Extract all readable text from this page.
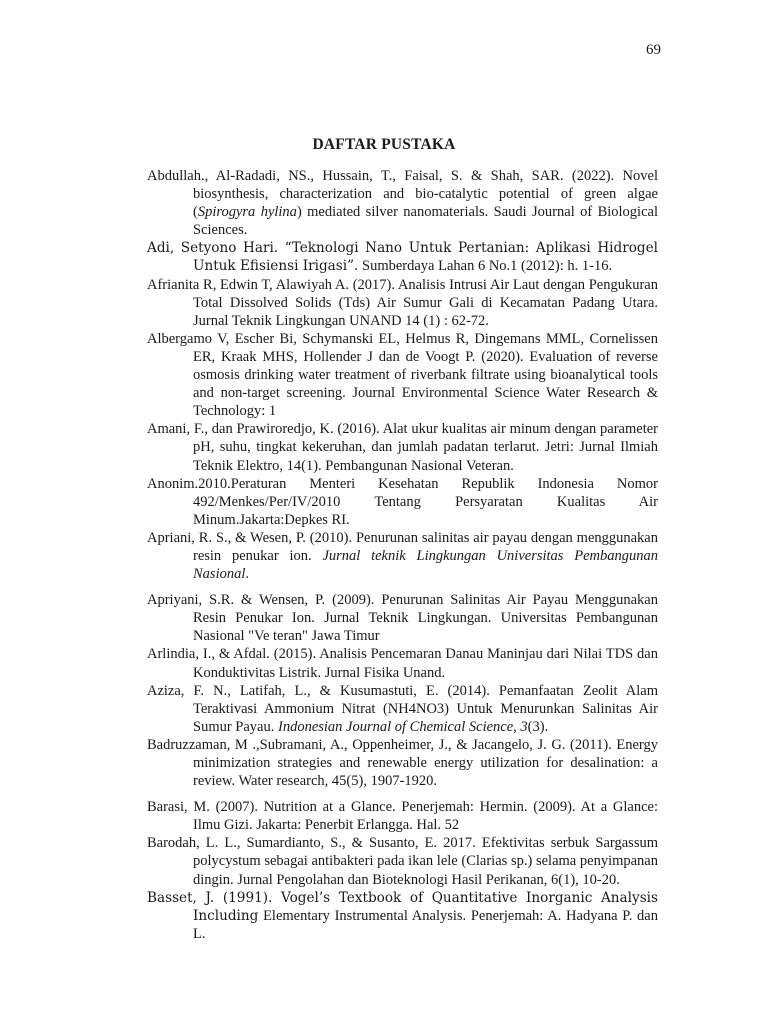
69
DAFTAR PUSTAKA
Abdullah., Al-Radadi, NS., Hussain, T., Faisal, S. & Shah, SAR. (2022). Novel biosynthesis, characterization and bio-catalytic potential of green algae (Spirogyra hylina) mediated silver nanomaterials. Saudi Journal of Biological Sciences.
Adi, Setyono Hari. “Teknologi Nano Untuk Pertanian: Aplikasi Hidrogel Untuk Efisiensi Irigasi”. Sumberdaya Lahan 6 No.1 (2012): h. 1-16.
Afrianita R, Edwin T, Alawiyah A. (2017). Analisis Intrusi Air Laut dengan Pengukuran Total Dissolved Solids (Tds) Air Sumur Gali di Kecamatan Padang Utara. Jurnal Teknik Lingkungan UNAND 14 (1) : 62-72.
Albergamo V, Escher Bi, Schymanski EL, Helmus R, Dingemans MML, Cornelissen ER, Kraak MHS, Hollender J dan de Voogt P. (2020). Evaluation of reverse osmosis drinking water treatment of riverbank filtrate using bioanalytical tools and non-target screening. Journal Environmental Science Water Research & Technology: 1
Amani, F., dan Prawiroredjo, K. (2016). Alat ukur kualitas air minum dengan parameter pH, suhu, tingkat kekeruhan, dan jumlah padatan terlarut. Jetri: Jurnal Ilmiah Teknik Elektro, 14(1). Pembangunan Nasional Veteran.
Anonim.2010.Peraturan Menteri Kesehatan Republik Indonesia Nomor 492/Menkes/Per/IV/2010 Tentang Persyaratan Kualitas Air Minum.Jakarta:Depkes RI.
Apriani, R. S., & Wesen, P. (2010). Penurunan salinitas air payau dengan menggunakan resin penukar ion. Jurnal teknik Lingkungan Universitas Pembangunan Nasional.
Apriyani, S.R. & Wensen, P. (2009). Penurunan Salinitas Air Payau Menggunakan Resin Penukar Ion. Jurnal Teknik Lingkungan. Universitas Pembangunan Nasional "Ve teran" Jawa Timur
Arlindia, I., & Afdal. (2015). Analisis Pencemaran Danau Maninjau dari Nilai TDS dan Konduktivitas Listrik. Jurnal Fisika Unand.
Aziza, F. N., Latifah, L., & Kusumastuti, E. (2014). Pemanfaatan Zeolit Alam Teraktivasi Ammonium Nitrat (NH4NO3) Untuk Menurunkan Salinitas Air Sumur Payau. Indonesian Journal of Chemical Science, 3(3).
Badruzzaman, M .,Subramani, A., Oppenheimer, J., & Jacangelo, J. G. (2011). Energy minimization strategies and renewable energy utilization for desalination: a review. Water research, 45(5), 1907-1920.
Barasi, M. (2007). Nutrition at a Glance. Penerjemah: Hermin. (2009). At a Glance: Ilmu Gizi. Jakarta: Penerbit Erlangga. Hal. 52
Barodah, L. L., Sumardianto, S., & Susanto, E. 2017. Efektivitas serbuk Sargassum polycystum sebagai antibakteri pada ikan lele (Clarias sp.) selama penyimpanan dingin. Jurnal Pengolahan dan Bioteknologi Hasil Perikanan, 6(1), 10-20.
Basset, J. (1991). Vogel’s Textbook of Quantitative Inorganic Analysis Including Elementary Instrumental Analysis. Penerjemah: A. Hadyana P. dan L.
